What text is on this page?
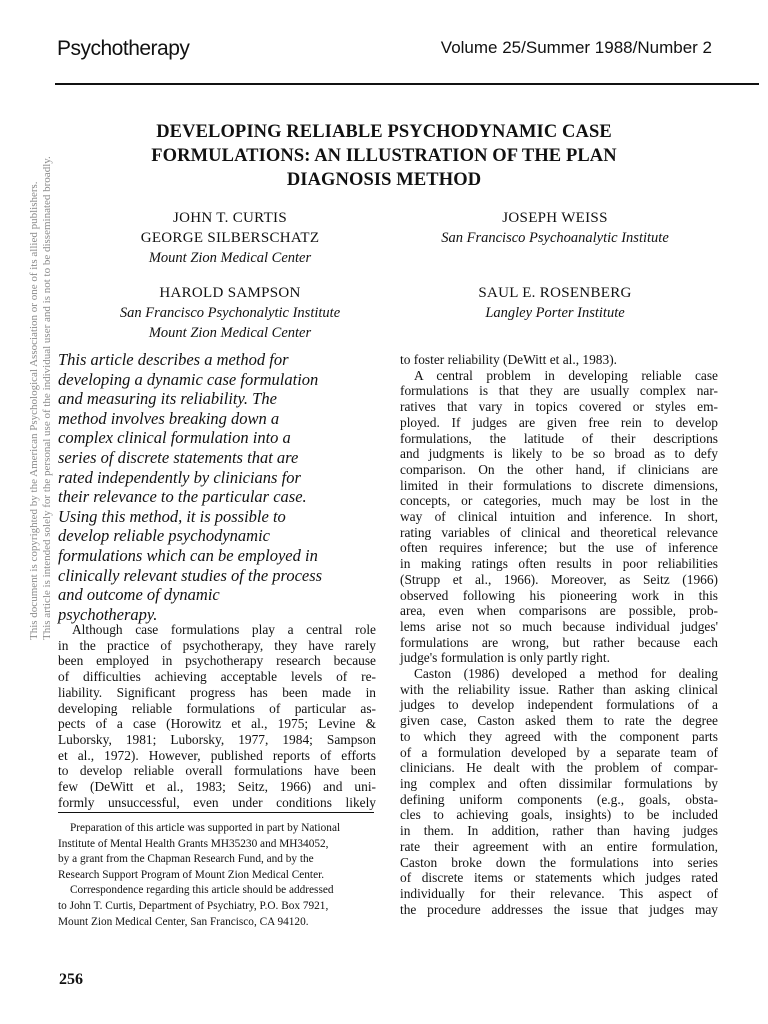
Psychotherapy	Volume 25/Summer 1988/Number 2
This document is copyrighted by the American Psychological Association or one of its allied publishers. This article is intended solely for the personal use of the individual user and is not to be disseminated broadly.
DEVELOPING RELIABLE PSYCHODYNAMIC CASE
FORMULATIONS: AN ILLUSTRATION OF THE PLAN
DIAGNOSIS METHOD
JOHN T. CURTIS
GEORGE SILBERSCHATZ
Mount Zion Medical Center
JOSEPH WEISS
San Francisco Psychoanalytic Institute
HAROLD SAMPSON
San Francisco Psychonalytic Institute
Mount Zion Medical Center
SAUL E. ROSENBERG
Langley Porter Institute
This article describes a method for
developing a dynamic case formulation
and measuring its reliability. The
method involves breaking down a
complex clinical formulation into a
series of discrete statements that are
rated independently by clinicians for
their relevance to the particular case.
Using this method, it is possible to
develop reliable psychodynamic
formulations which can be employed in
clinically relevant studies of the process
and outcome of dynamic
psychotherapy.
Although case formulations play a central role
in the practice of psychotherapy, they have rarely
been employed in psychotherapy research because
of difficulties achieving acceptable levels of re-
liability. Significant progress has been made in
developing reliable formulations of particular as-
pects of a case (Horowitz et al., 1975; Levine &
Luborsky, 1981; Luborsky, 1977, 1984; Sampson
et al., 1972). However, published reports of efforts
to develop reliable overall formulations have been
few (DeWitt et al., 1983; Seitz, 1966) and uni-
formly unsuccessful, even under conditions likely
Preparation of this article was supported in part by National
Institute of Mental Health Grants MH35230 and MH34052,
by a grant from the Chapman Research Fund, and by the
Research Support Program of Mount Zion Medical Center.
Correspondence regarding this article should be addressed
to John T. Curtis, Department of Psychiatry, P.O. Box 7921,
Mount Zion Medical Center, San Francisco, CA 94120.
to foster reliability (DeWitt et al., 1983).
A central problem in developing reliable case
formulations is that they are usually complex nar-
ratives that vary in topics covered or styles em-
ployed. If judges are given free rein to develop
formulations, the latitude of their descriptions
and judgments is likely to be so broad as to defy
comparison. On the other hand, if clinicians are
limited in their formulations to discrete dimensions,
concepts, or categories, much may be lost in the
way of clinical intuition and inference. In short,
rating variables of clinical and theoretical relevance
often requires inference; but the use of inference
in making ratings often results in poor reliabilities
(Strupp et al., 1966). Moreover, as Seitz (1966)
observed following his pioneering work in this
area, even when comparisons are possible, prob-
lems arise not so much because individual judges'
formulations are wrong, but rather because each
judge's formulation is only partly right.
Caston (1986) developed a method for dealing
with the reliability issue. Rather than asking clinical
judges to develop independent formulations of a
given case, Caston asked them to rate the degree
to which they agreed with the component parts
of a formulation developed by a separate team of
clinicians. He dealt with the problem of compar-
ing complex and often dissimilar formulations by
defining uniform components (e.g., goals, obsta-
cles to achieving goals, insights) to be included
in them. In addition, rather than having judges
rate their agreement with an entire formulation,
Caston broke down the formulations into series
of discrete items or statements which judges rated
individually for their relevance. This aspect of
the procedure addresses the issue that judges may
256
